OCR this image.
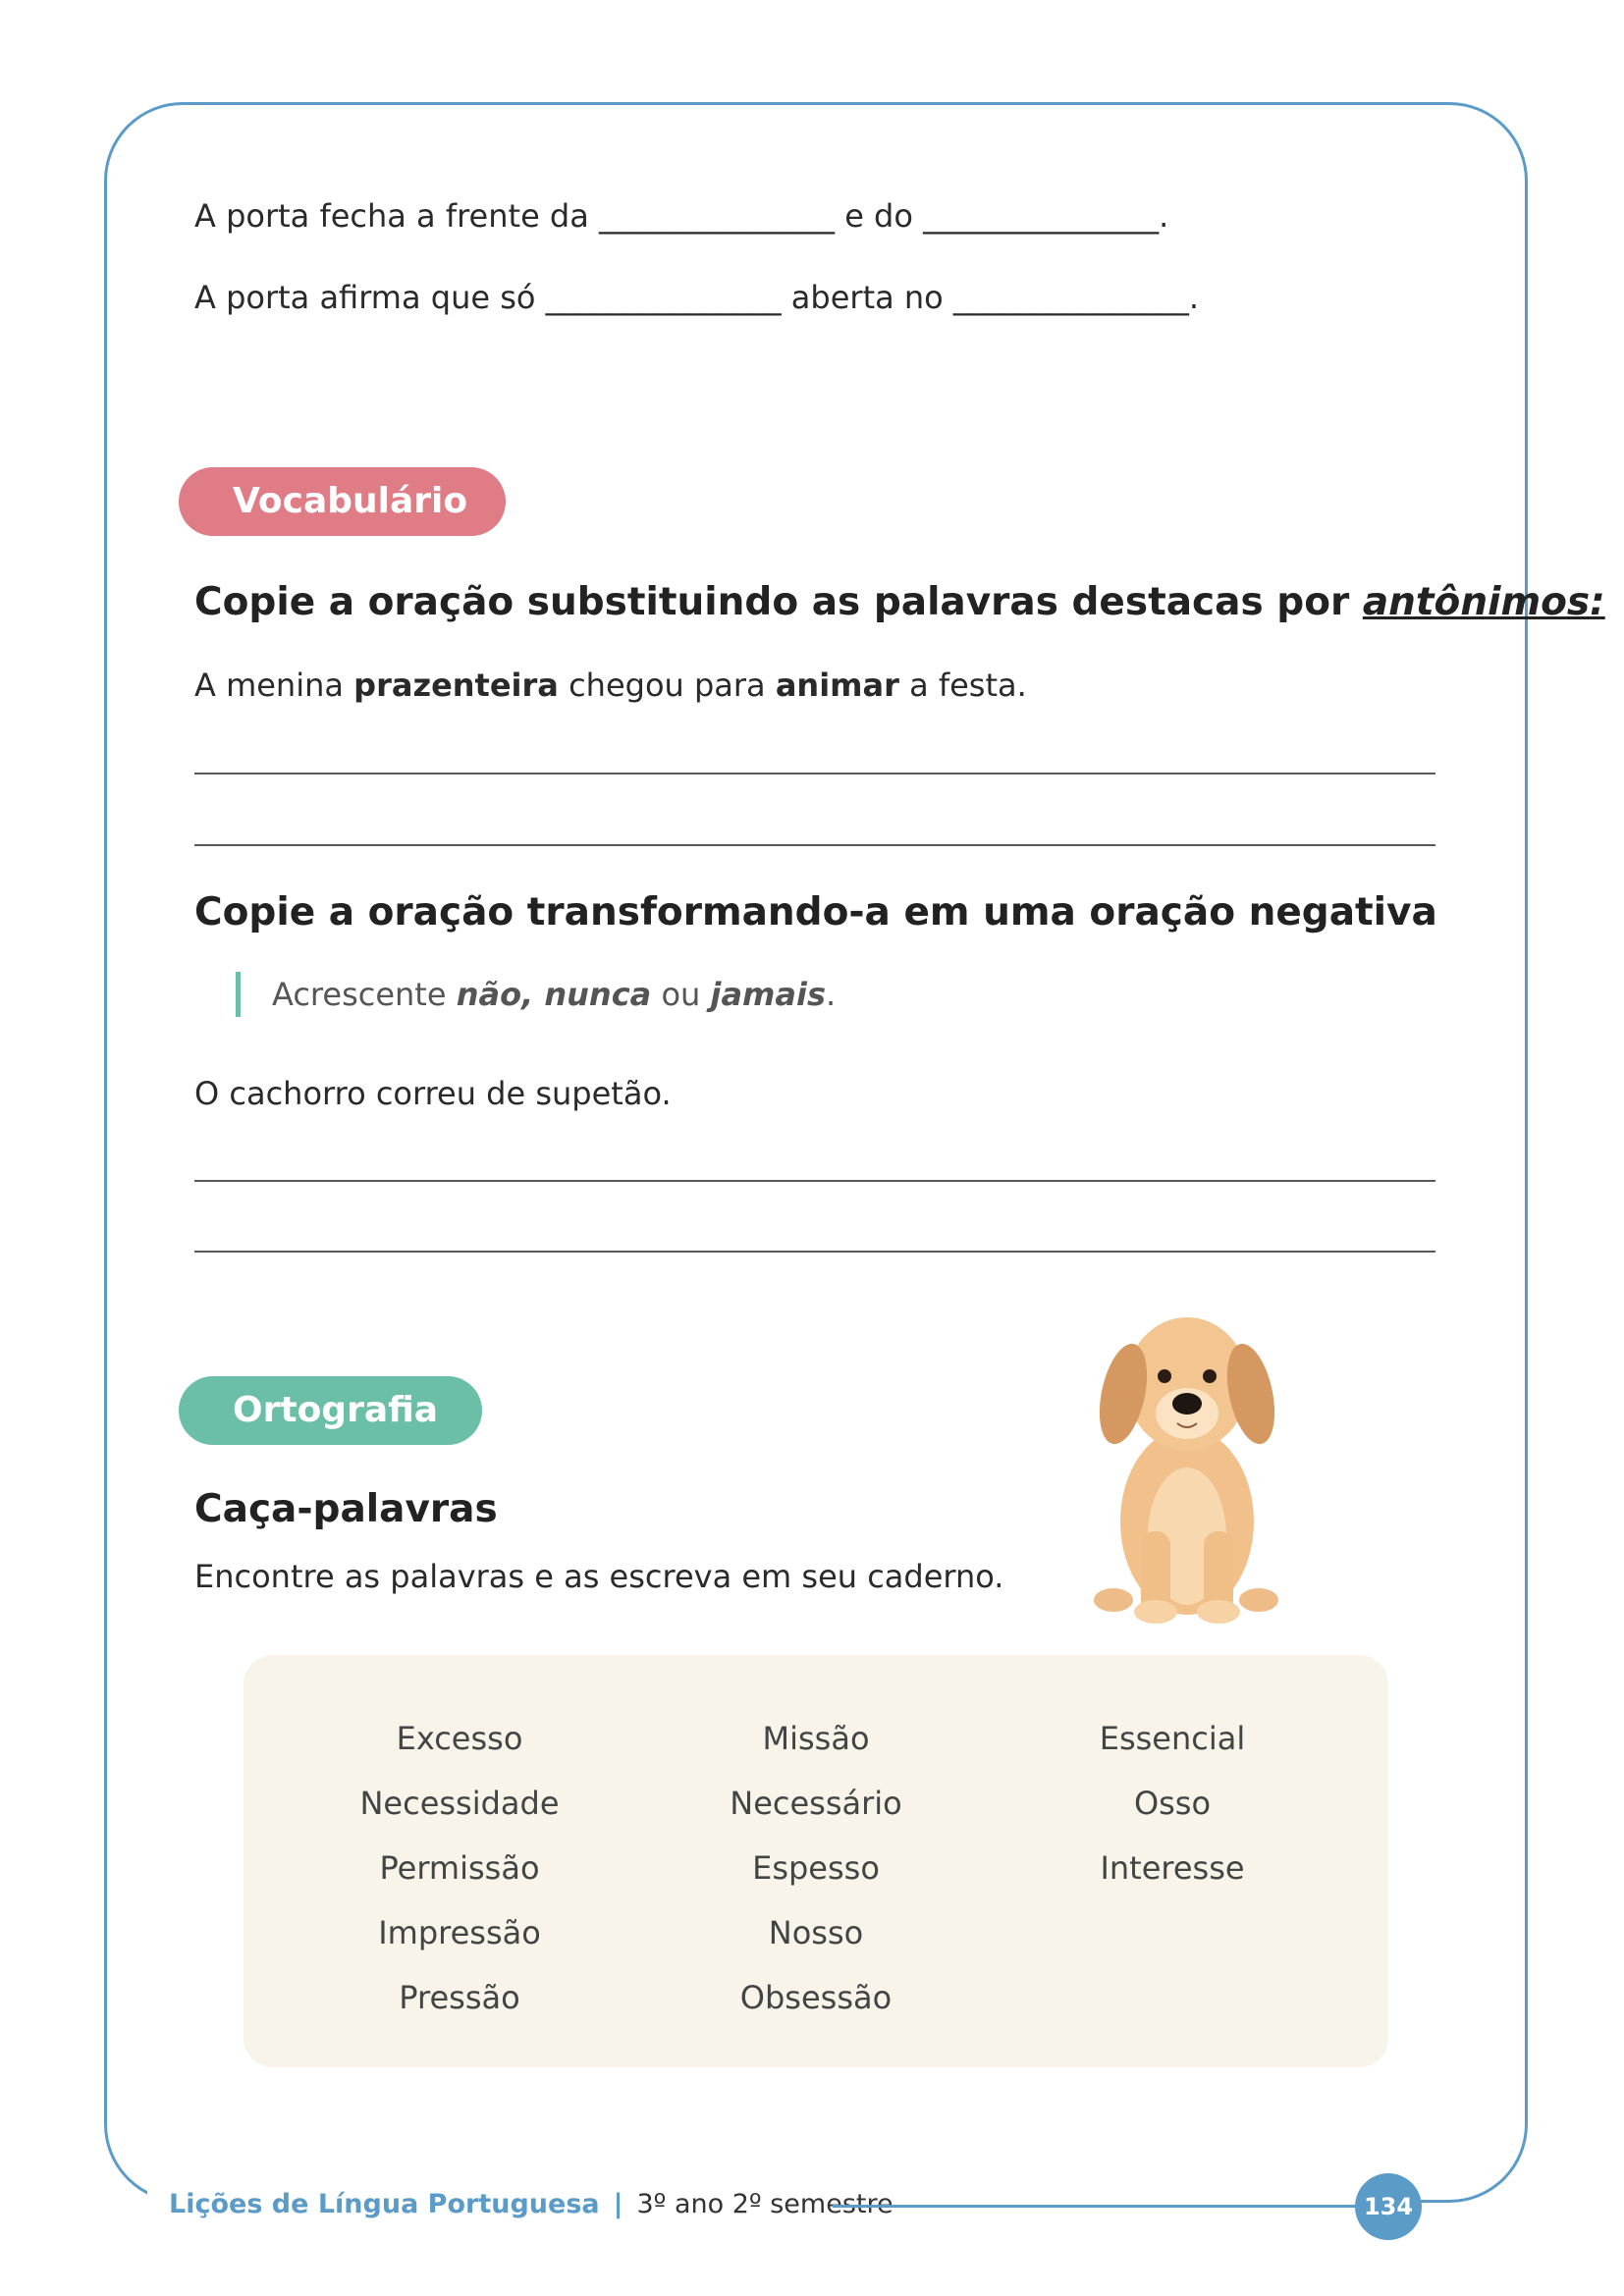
A porta fecha a frente da _______________ e do _______________.
A porta afirma que só _______________ aberta no _______________.
Vocabulário
Copie a oração substituindo as palavras destacas por antônimos:
A menina prazenteira chegou para animar a festa.
Copie a oração transformando-a em uma oração negativa
Acrescente não, nunca ou jamais.
O cachorro correu de supetão.
Ortografia
Caça-palavras
Encontre as palavras e as escreva em seu caderno.
Excesso
Necessidade
Permissão
Impressão
Pressão
Missão
Necessário
Espesso
Nosso
Obsessão
Essencial
Osso
Interesse
Lições de Língua Portuguesa | 3º ano 2º semestre	134
